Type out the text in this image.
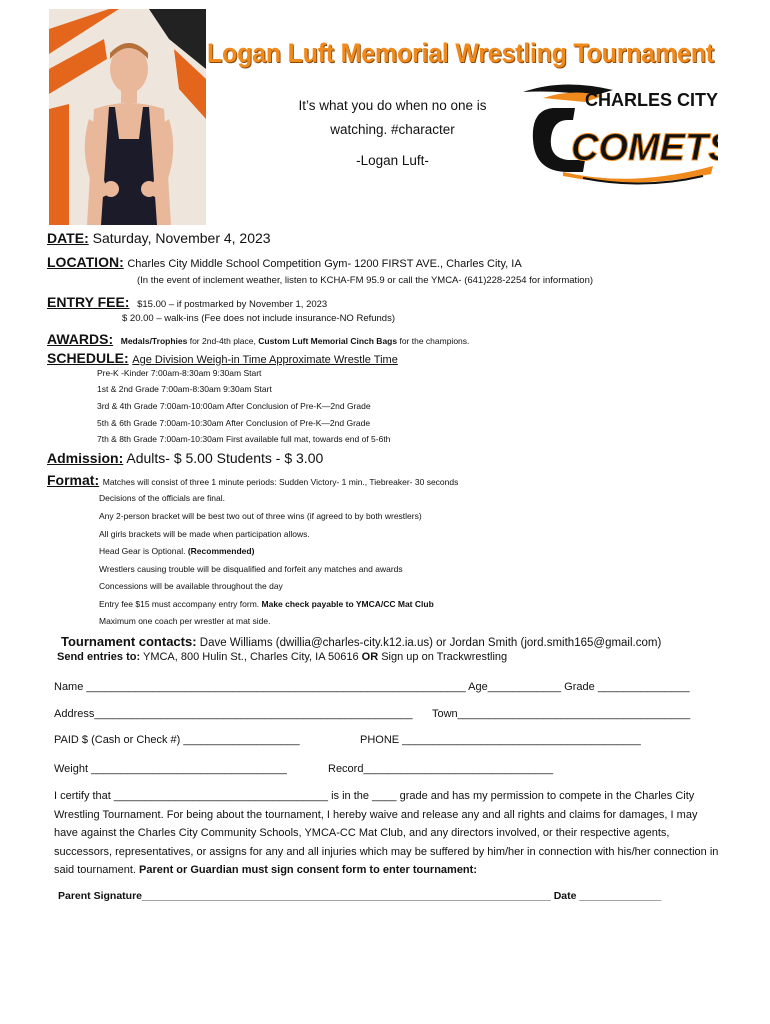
Logan Luft Memorial Wrestling Tournament
It’s what you do when no one is
watching. #character
-Logan Luft-
CHARLES CITY
COMETS
DATE: Saturday, November 4, 2023
LOCATION: Charles City Middle School Competition Gym- 1200 FIRST AVE., Charles City, IA
(In the event of inclement weather, listen to KCHA-FM 95.9 or call the YMCA- (641)228-2254 for information)
ENTRY FEE: $15.00 – if postmarked by November 1, 2023
$ 20.00 – walk-ins (Fee does not include insurance-NO Refunds)
AWARDS: Medals/Trophies for 2nd-4th place, Custom Luft Memorial Cinch Bags for the champions.
SCHEDULE: Age Division Weigh-in Time Approximate Wrestle Time
Pre-K -Kinder 7:00am-8:30am 9:30am Start
1st & 2nd Grade 7:00am-8:30am 9:30am Start
3rd & 4th Grade 7:00am-10:00am After Conclusion of Pre-K—2nd Grade
5th & 6th Grade 7:00am-10:30am After Conclusion of Pre-K—2nd Grade
7th & 8th Grade 7:00am-10:30am First available full mat, towards end of 5-6th
Admission: Adults- $ 5.00 Students - $ 3.00
Format: Matches will consist of three 1 minute periods: Sudden Victory- 1 min., Tiebreaker- 30 seconds
Decisions of the officials are final.
Any 2-person bracket will be best two out of three wins (if agreed to by both wrestlers)
All girls brackets will be made when participation allows.
Head Gear is Optional. (Recommended)
Wrestlers causing trouble will be disqualified and forfeit any matches and awards
Concessions will be available throughout the day
Entry fee $15 must accompany entry form. Make check payable to YMCA/CC Mat Club
Maximum one coach per wrestler at mat side.
Tournament contacts: Dave Williams (dwillia@charles-city.k12.ia.us) or Jordan Smith (jord.smith165@gmail.com)
Send entries to: YMCA, 800 Hulin St., Charles City, IA 50616 OR Sign up on Trackwrestling
Name ______________________________________________________________ Age____________ Grade _______________
Address____________________________________________________ Town______________________________________
PAID $ (Cash or Check #) ___________________	PHONE _______________________________________
Weight ________________________________	Record_______________________________
I certify that ___________________________________ is in the ____ grade and has my permission to compete in the Charles City Wrestling Tournament. For being about the tournament, I hereby waive and release any and all rights and claims for damages, I may have against the Charles City Community Schools, YMCA-CC Mat Club, and any directors involved, or their respective agents, successors, representatives, or assigns for any and all injuries which may be suffered by him/her in connection with his/her connection in said tournament. Parent or Guardian must sign consent form to enter tournament:
Parent Signature______________________________________________________________________ Date ______________
